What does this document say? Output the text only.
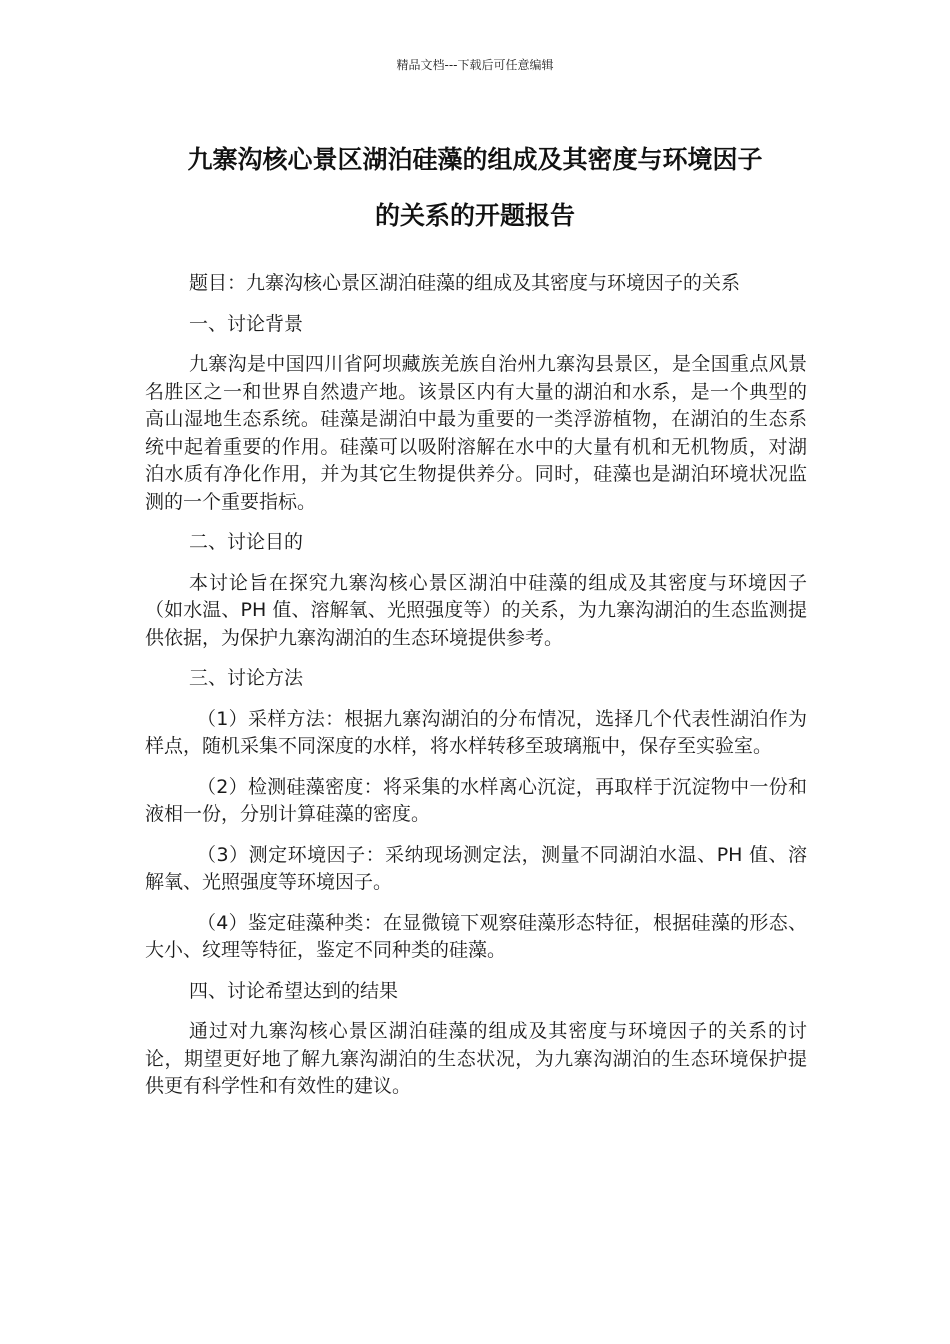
精品文档---下载后可任意编辑
九寨沟核心景区湖泊硅藻的组成及其密度与环境因子
的关系的开题报告

题目：九寨沟核心景区湖泊硅藻的组成及其密度与环境因子的关系

一、讨论背景

九寨沟是中国四川省阿坝藏族羌族自治州九寨沟县景区，是全国重点风景名胜区之一和世界自然遗产地。该景区内有大量的湖泊和水系，是一个典型的高山湿地生态系统。硅藻是湖泊中最为重要的一类浮游植物，在湖泊的生态系统中起着重要的作用。硅藻可以吸附溶解在水中的大量有机和无机物质，对湖泊水质有净化作用，并为其它生物提供养分。同时，硅藻也是湖泊环境状况监测的一个重要指标。

二、讨论目的

本讨论旨在探究九寨沟核心景区湖泊中硅藻的组成及其密度与环境因子（如水温、PH 值、溶解氧、光照强度等）的关系，为九寨沟湖泊的生态监测提供依据，为保护九寨沟湖泊的生态环境提供参考。

三、讨论方法

（1）采样方法：根据九寨沟湖泊的分布情况，选择几个代表性湖泊作为样点，随机采集不同深度的水样，将水样转移至玻璃瓶中，保存至实验室。

（2）检测硅藻密度：将采集的水样离心沉淀，再取样于沉淀物中一份和液相一份，分别计算硅藻的密度。

（3）测定环境因子：采纳现场测定法，测量不同湖泊水温、PH 值、溶解氧、光照强度等环境因子。

（4）鉴定硅藻种类：在显微镜下观察硅藻形态特征，根据硅藻的形态、大小、纹理等特征，鉴定不同种类的硅藻。

四、讨论希望达到的结果

通过对九寨沟核心景区湖泊硅藻的组成及其密度与环境因子的关系的讨论，期望更好地了解九寨沟湖泊的生态状况，为九寨沟湖泊的生态环境保护提供更有科学性和有效性的建议。
